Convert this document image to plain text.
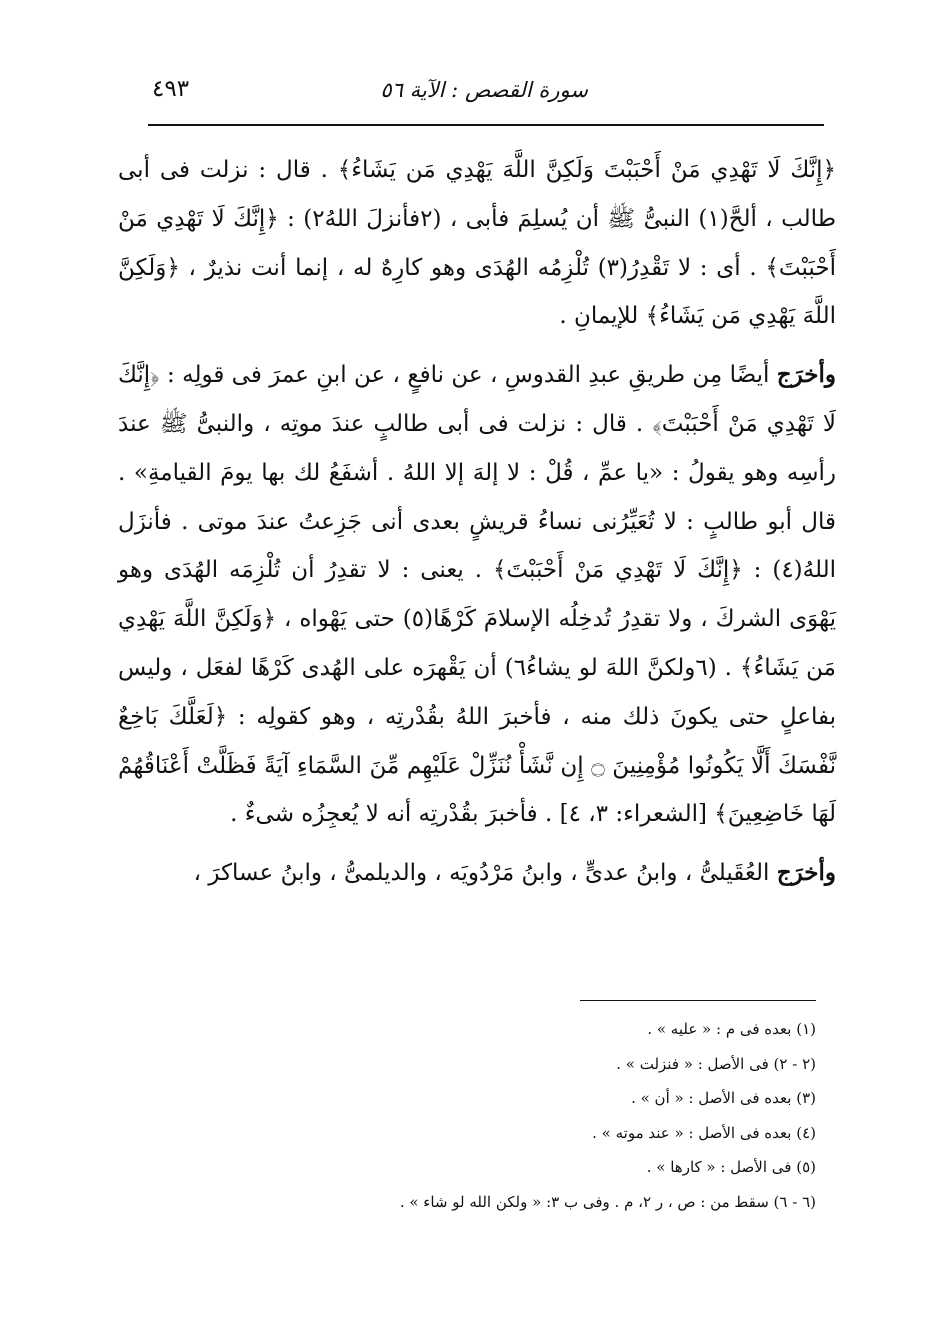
سورة القصص : الآية ٥٦
٤٩٣

﴿إِنَّكَ لَا تَهْدِي مَنْ أَحْبَبْتَ وَلَكِنَّ اللَّهَ يَهْدِي مَن يَشَاءُ﴾ . قال : نزلت فى أبى طالب ، ألحَّ(١) النبىُّ ﷺ أن يُسلِمَ فأبى ، (٢فأنزلَ اللهُ٢) : ﴿إِنَّكَ لَا تَهْدِي مَنْ أَحْبَبْتَ﴾ . أى : لا تَقْدِرُ(٣) تُلْزِمُه الهُدَى وهو كارِهٌ له ، إنما أنت نذيرٌ ، ﴿وَلَكِنَّ اللَّهَ يَهْدِي مَن يَشَاءُ﴾ للإيمانِ .

وأخرَج أيضًا مِن طريقِ عبدِ القدوسِ ، عن نافعٍ ، عن ابنِ عمرَ فى قولِه : ﴿إِنَّكَ لَا تَهْدِي مَنْ أَحْبَبْتَ﴾ . قال : نزلت فى أبى طالبٍ عندَ موتِه ، والنبىُّ ﷺ عندَ رأسِه وهو يقولُ : «يا عمِّ ، قُلْ : لا إلهَ إلا اللهُ . أشفَعُ لك بها يومَ القيامةِ» . قال أبو طالبٍ : لا تُعَيِّرُنى نساءُ قريشٍ بعدى أنى جَزِعتُ عندَ موتى . فأنزَل اللهُ(٤) : ﴿إِنَّكَ لَا تَهْدِي مَنْ أَحْبَبْتَ﴾ . يعنى : لا تقدِرُ أن تُلْزِمَه الهُدَى وهو يَهْوَى الشركَ ، ولا تقدِرُ تُدخِلُه الإسلامَ كَرْهًا(٥) حتى يَهْواه ، ﴿وَلَكِنَّ اللَّهَ يَهْدِي مَن يَشَاءُ﴾ . (٦ولكنَّ اللهَ لو يشاءُ٦) أن يَقْهرَه على الهُدى كَرْهًا لفعَل ، وليس بفاعلٍ حتى يكونَ ذلك منه ، فأخبرَ اللهُ بقُدْرتِه ، وهو كقولِه : ﴿لَعَلَّكَ بَاخِعٌ نَّفْسَكَ أَلَّا يَكُونُوا مُؤْمِنِينَ ۝ إِن نَّشَأْ نُنَزِّلْ عَلَيْهِم مِّنَ السَّمَاءِ آيَةً فَظَلَّتْ أَعْنَاقُهُمْ لَهَا خَاضِعِينَ﴾ [الشعراء: ٣، ٤] . فأخبرَ بقُدْرتِه أنه لا يُعجِزُه شىءٌ .

وأخرَج العُقَيلىُّ ، وابنُ عدىٍّ ، وابنُ مَرْدُويَه ، والديلمىُّ ، وابنُ عساكرَ ،

(١) بعده فى م : « عليه » .
(٢ - ٢) فى الأصل : « فنزلت » .
(٣) بعده فى الأصل : « أن » .
(٤) بعده فى الأصل : « عند موته » .
(٥) فى الأصل : « كارها » .
(٦ - ٦) سقط من : ص ، ر ٢، م . وفى ب ٣: « ولكن الله لو شاء » .
